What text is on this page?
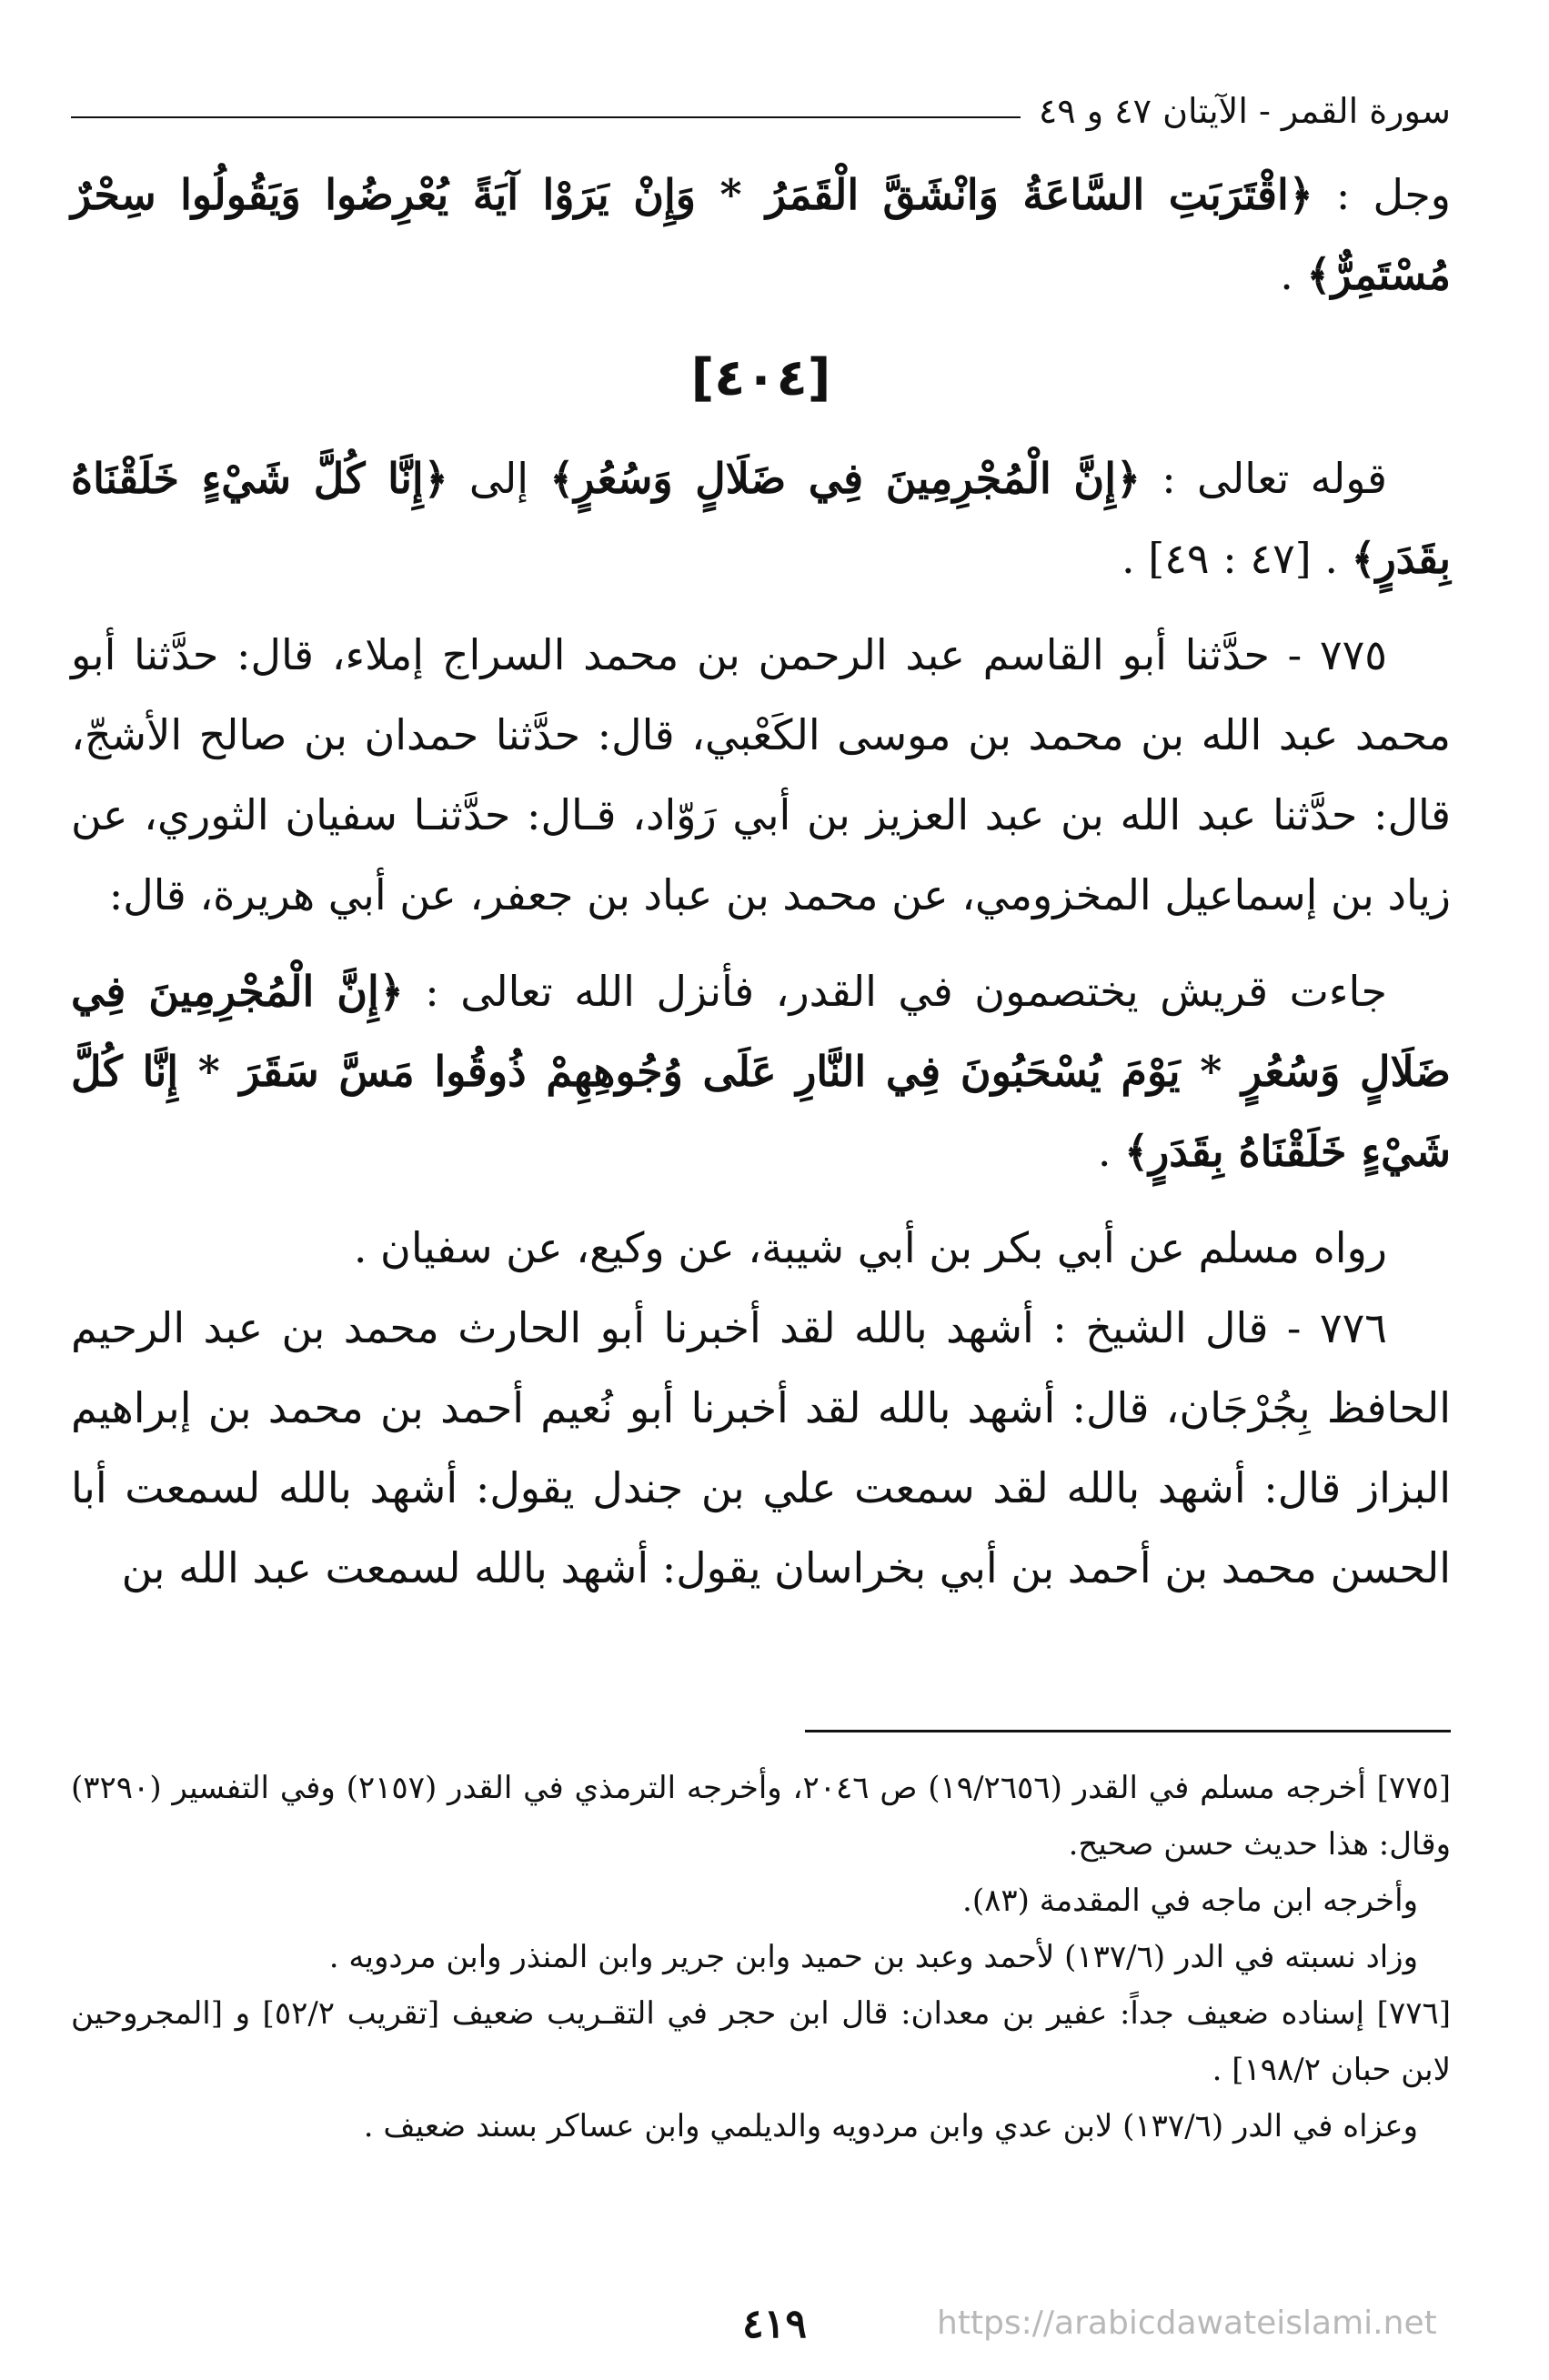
سورة القمر - الآيتان ٤٧ و ٤٩

وجل : ﴿اقْتَرَبَتِ السَّاعَةُ وَانْشَقَّ الْقَمَرُ * وَإِنْ يَرَوْا آيَةً يُعْرِضُوا وَيَقُولُوا سِحْرٌ مُسْتَمِرٌّ﴾ .

[٤٠٤]

قوله تعالى : ﴿إِنَّ الْمُجْرِمِينَ فِي ضَلَالٍ وَسُعُرٍ﴾ إلى ﴿إِنَّا كُلَّ شَيْءٍ خَلَقْنَاهُ بِقَدَرٍ﴾ . [٤٧ : ٤٩] .

٧٧٥ - حدَّثنا أبو القاسم عبد الرحمن بن محمد السراج إملاء، قال: حدَّثنا أبو محمد عبد الله بن محمد بن موسى الكَعْبي، قال: حدَّثنا حمدان بن صالح الأشجّ، قال: حدَّثنا عبد الله بن عبد العزيز بن أبي رَوّاد، قـال: حدَّثنـا سفيان الثوري، عن زياد بن إسماعيل المخزومي، عن محمد بن عباد بن جعفر، عن أبي هريرة، قال:

جاءت قريش يختصمون في القدر، فأنزل الله تعالى : ﴿إِنَّ الْمُجْرِمِينَ فِي ضَلَالٍ وَسُعُرٍ * يَوْمَ يُسْحَبُونَ فِي النَّارِ عَلَى وُجُوهِهِمْ ذُوقُوا مَسَّ سَقَرَ * إِنَّا كُلَّ شَيْءٍ خَلَقْنَاهُ بِقَدَرٍ﴾ .

رواه مسلم عن أبي بكر بن أبي شيبة، عن وكيع، عن سفيان .

٧٧٦ - قال الشيخ : أشهد بالله لقد أخبرنا أبو الحارث محمد بن عبد الرحيم الحافظ بِجُرْجَان، قال: أشهد بالله لقد أخبرنا أبو نُعيم أحمد بن محمد بن إبراهيم البزاز قال: أشهد بالله لقد سمعت علي بن جندل يقول: أشهد بالله لسمعت أبا الحسن محمد بن أحمد بن أبي بخراسان يقول: أشهد بالله لسمعت عبد الله بن

[٧٧٥] أخرجه مسلم في القدر (١٩/٢٦٥٦) ص ٢٠٤٦، وأخرجه الترمذي في القدر (٢١٥٧) وفي التفسير (٣٢٩٠) وقال: هذا حديث حسن صحيح.

وأخرجه ابن ماجه في المقدمة (٨٣).

وزاد نسبته في الدر (١٣٧/٦) لأحمد وعبد بن حميد وابن جرير وابن المنذر وابن مردويه .

[٧٧٦] إسناده ضعيف جداً: عفير بن معدان: قال ابن حجر في التقـريب ضعيف [تقريب ٥٢/٢] و [المجروحين لابن حبان ١٩٨/٢] .

وعزاه في الدر (١٣٧/٦) لابن عدي وابن مردويه والديلمي وابن عساكر بسند ضعيف .

٤١٩	https://arabicdawateislami.net
